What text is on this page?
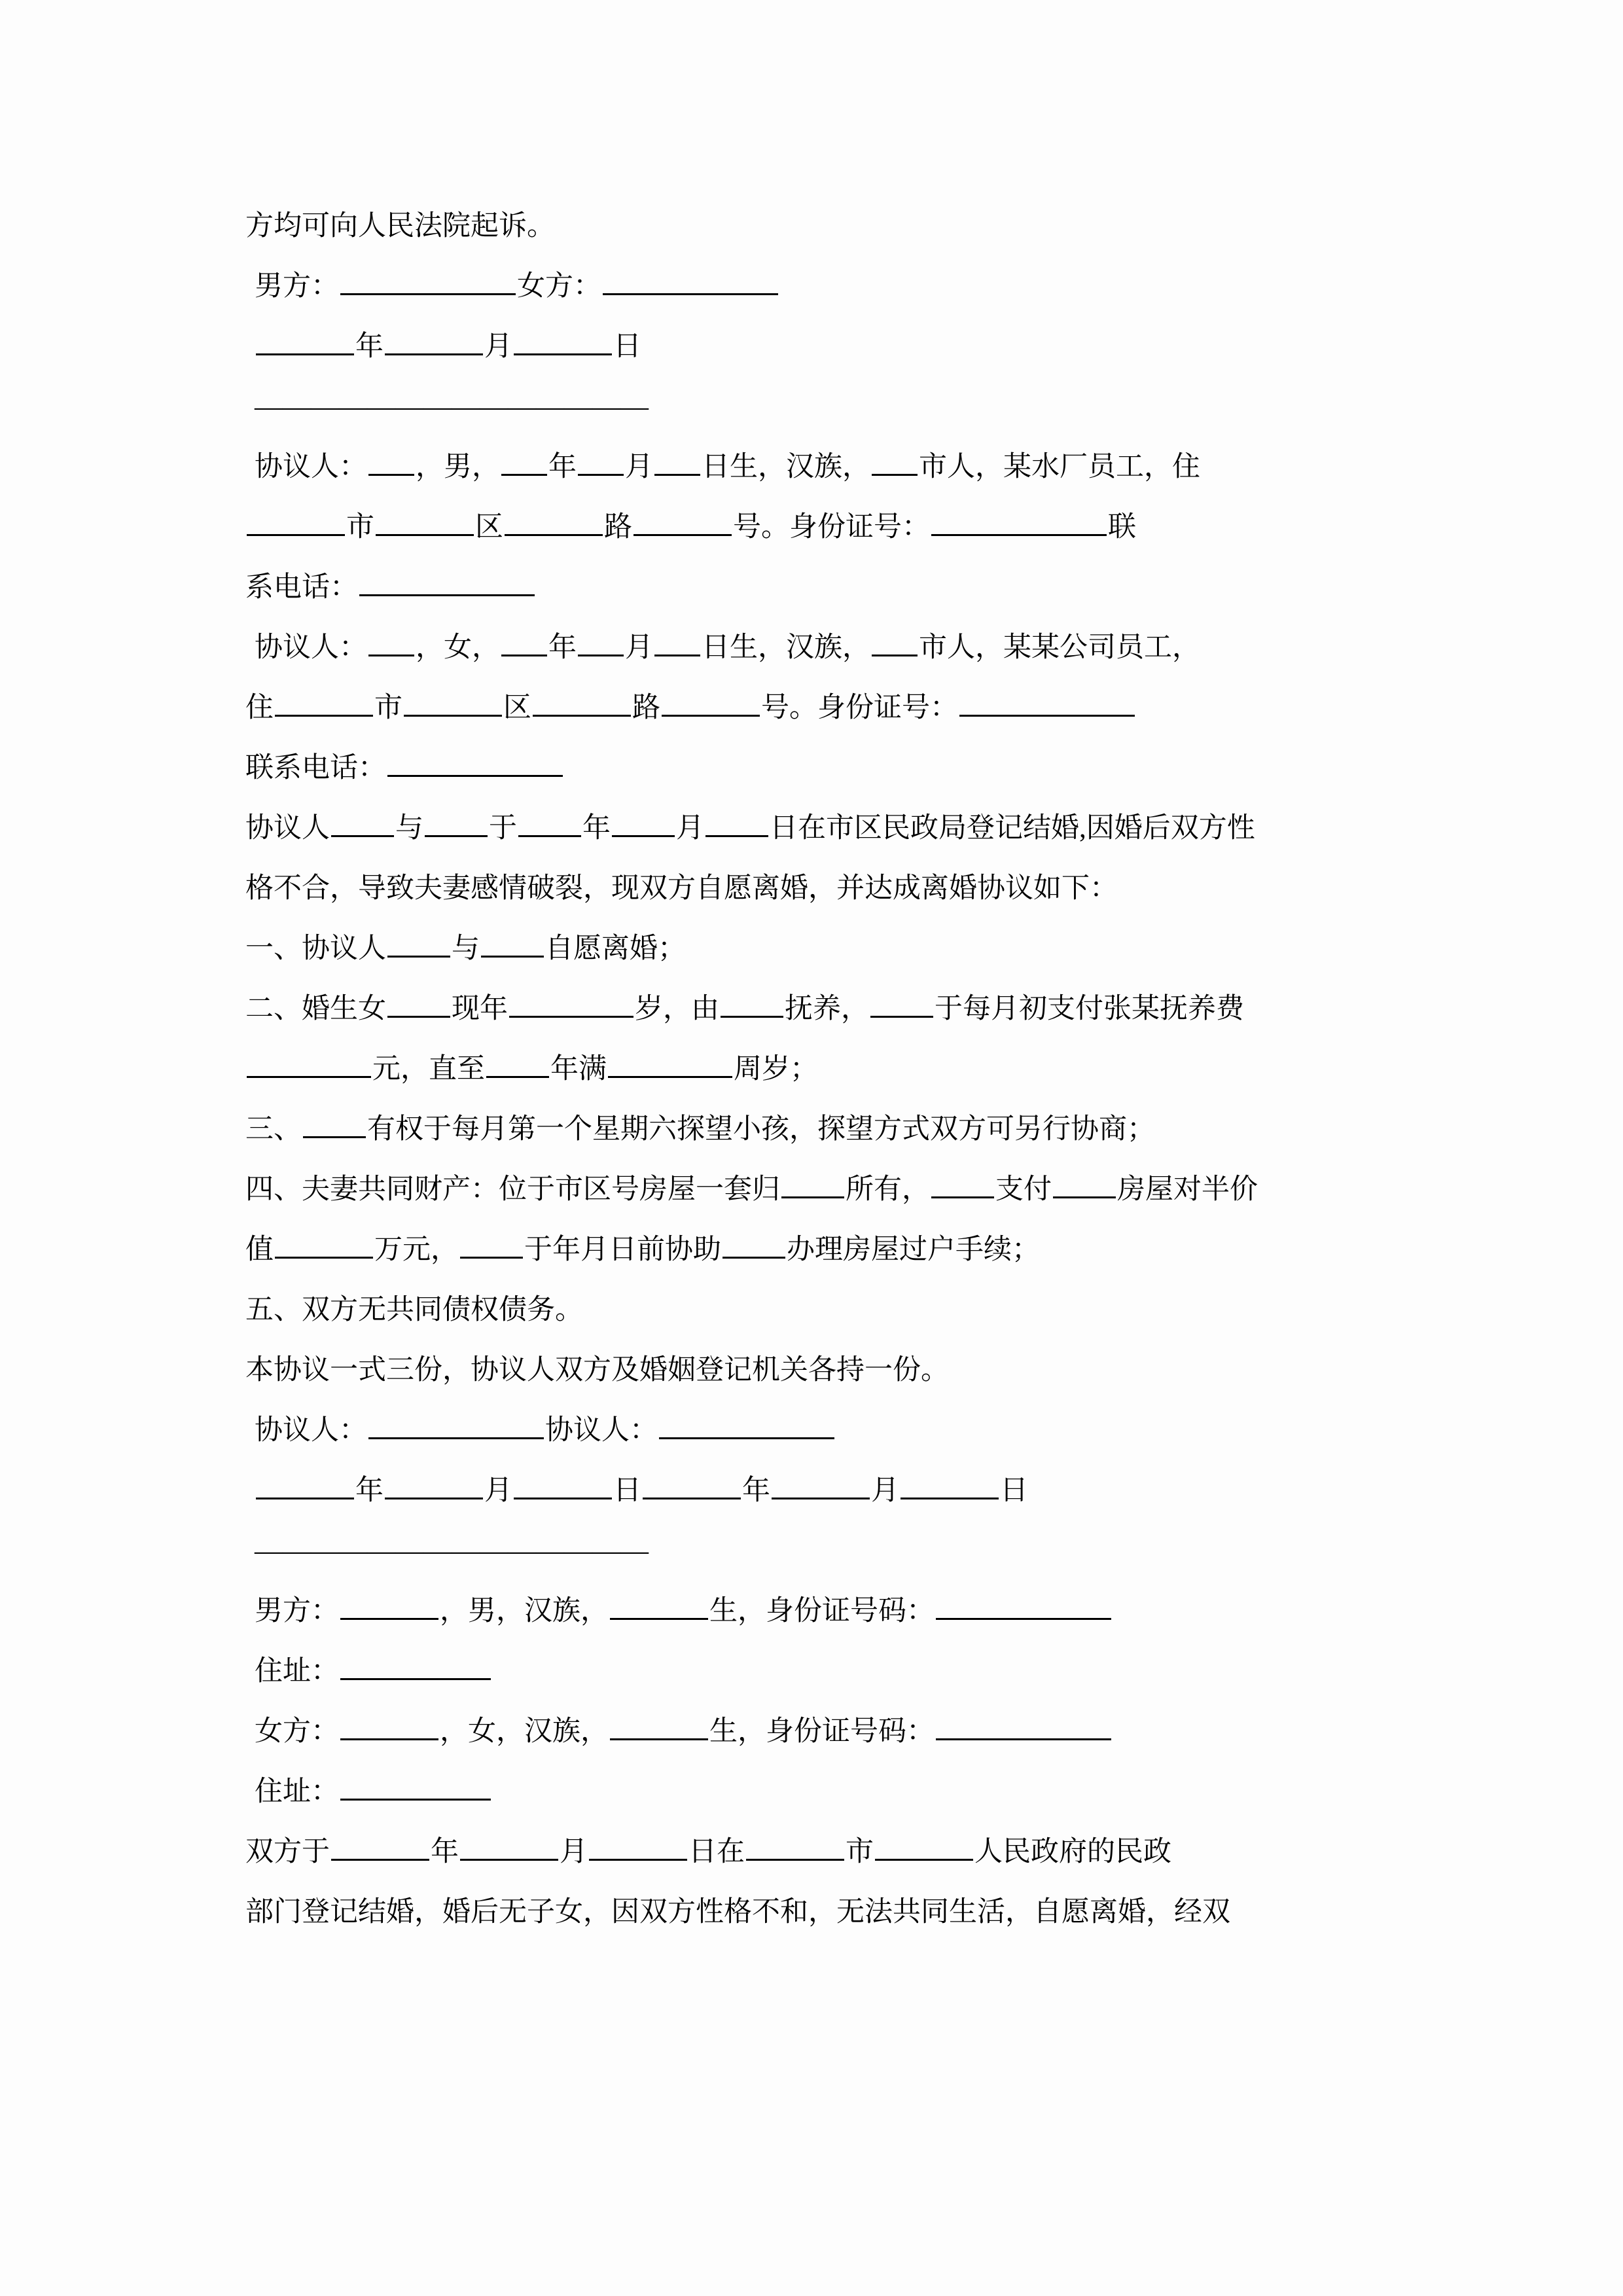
方均可向人民法院起诉。
男方：	女方：
年	月	日
——————————————
协议人： ，男， 年 月 日生，汉族， 市人，某水厂员工，住
市	区	路	号。身份证号：	联
系电话：
协议人： ，女， 年 月 日生，汉族， 市人，某某公司员工，
住	市	区	路	号。身份证号：
联系电话：
协议人 与 于 年 月 日在市区民政局登记结婚,因婚后双方性
格不合，导致夫妻感情破裂，现双方自愿离婚，并达成离婚协议如下：
一、协议人 与 自愿离婚；
二、婚生女 现年	岁，由 抚养， 于每月初支付张某抚养费
元，直至 年满	周岁；
三、 有权于每月第一个星期六探望小孩，探望方式双方可另行协商；
四、夫妻共同财产：位于市区号房屋一套归 所有， 支付 房屋对半价
值	万元， 于年月日前协助 办理房屋过户手续；
五、双方无共同债权债务。
本协议一式三份，协议人双方及婚姻登记机关各持一份。
协议人：	协议人：
年	月	日	年	月	日
——————————————
男方：	，男，汉族，	生，身份证号码：
住址：
女方：	，女，汉族，	生，身份证号码：
住址：
双方于	年	月	日在	市	人民政府的民政
部门登记结婚，婚后无子女，因双方性格不和，无法共同生活，自愿离婚，经双
